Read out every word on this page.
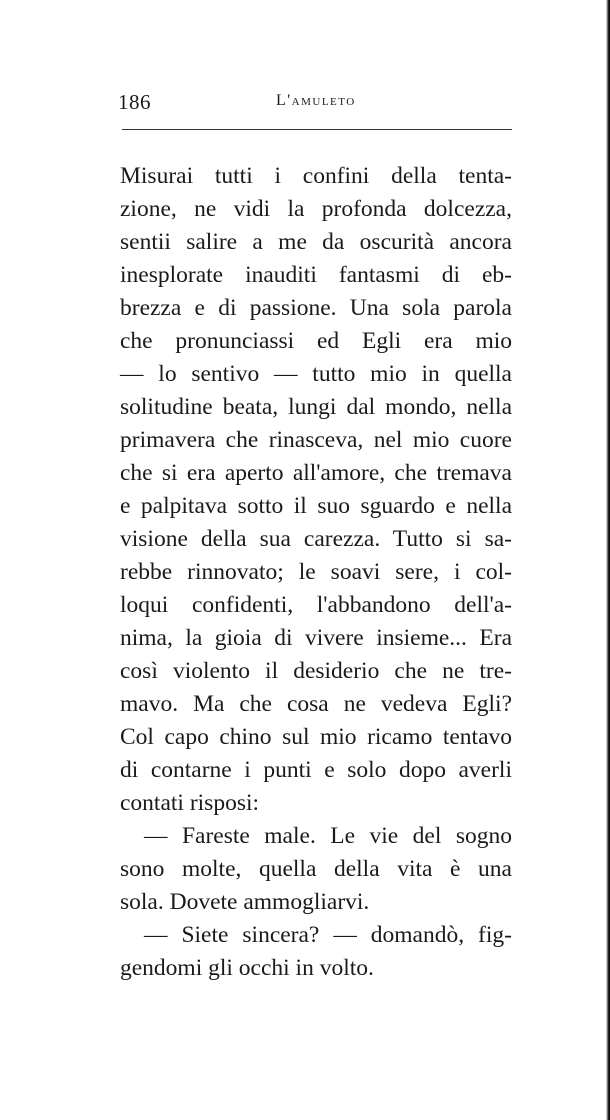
186	L'amuleto
Misurai tutti i confini della tenta-
zione, ne vidi la profonda dolcezza,
sentii salire a me da oscurità ancora
inesplorate inauditi fantasmi di eb-
brezza e di passione. Una sola parola
che pronunciassi ed Egli era mio
— lo sentivo — tutto mio in quella
solitudine beata, lungi dal mondo, nella
primavera che rinasceva, nel mio cuore
che si era aperto all'amore, che tremava
e palpitava sotto il suo sguardo e nella
visione della sua carezza. Tutto si sa-
rebbe rinnovato; le soavi sere, i col-
loqui confidenti, l'abbandono dell'a-
nima, la gioia di vivere insieme... Era
così violento il desiderio che ne tre-
mavo. Ma che cosa ne vedeva Egli?
Col capo chino sul mio ricamo tentavo
di contarne i punti e solo dopo averli
contati risposi:
— Fareste male. Le vie del sogno
sono molte, quella della vita è una
sola. Dovete ammogliarvi.
— Siete sincera? — domandò, fig-
gendomi gli occhi in volto.
